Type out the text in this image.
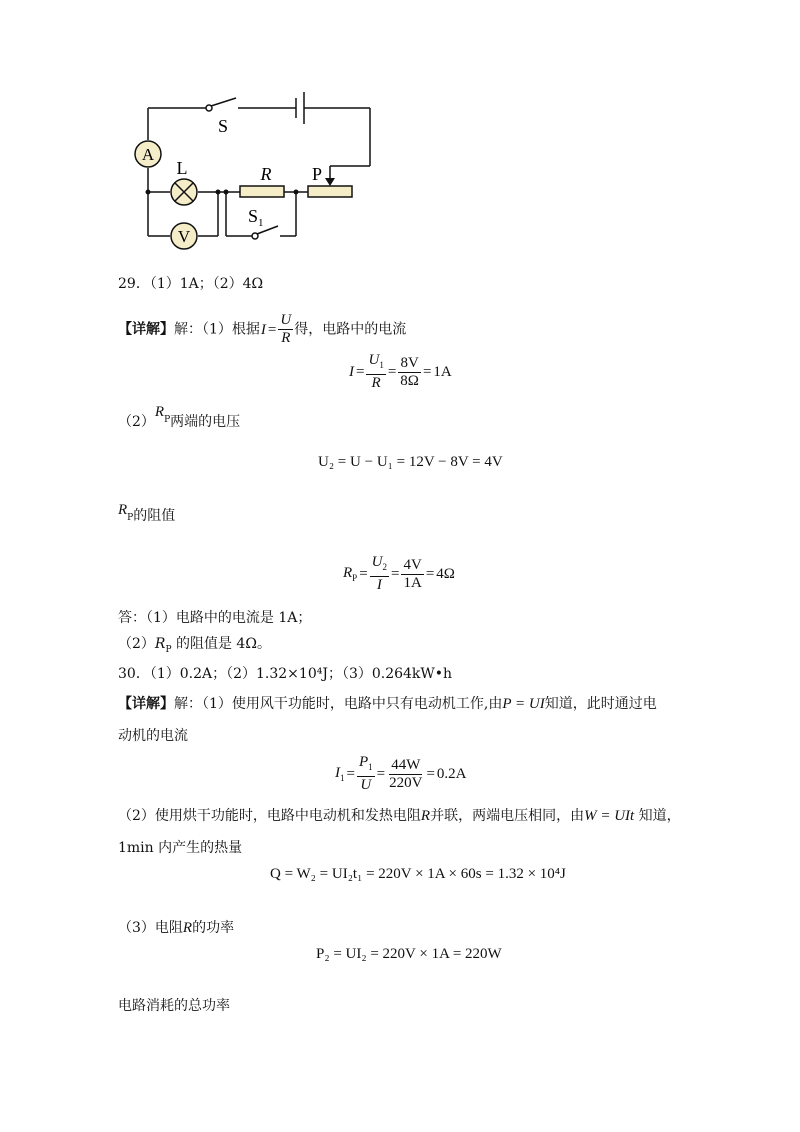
A
V
S
L	R P
$S_1$
29．（1）1A；（2）4Ω
【详解】解：（1）根据 $I = \frac{U}{R}$ 得，电路中的电流
$I = \frac{U_1}{R} = \frac{8V}{8\Omega} = 1A$
$(2)R_P$两端的电压
U₂ = U − U₁ = 12V − 8V = 4V
$R_P$的阻值
$R_P = \frac{U_2}{I} = \frac{4V}{1A} = 4\Omega$
答：（1）电路中的电流是 1A；
$(2)R_P$ 的阻值是 4Ω。
30．（1）0.2A；（2）1.32×10⁴J；（3）0.264kW•h
【详解】解：（1）使用风干功能时，电路中只有电动机工作,由P = UI知道，此时通过电
动机的电流
$I_1 = \frac{P_1}{U} = \frac{44W}{220V} = 0.2A$
（2）使用烘干功能时，电路中电动机和发热电阻R并联，两端电压相同，由W = UIt 知道，
1min 内产生的热量
Q = W₂ = UI₂t₁ = 220V × 1A × 60s = 1.32 × 10⁴J
（3）电阻R的功率
P₂ = UI₂ = 220V × 1A = 220W
电路消耗的总功率
